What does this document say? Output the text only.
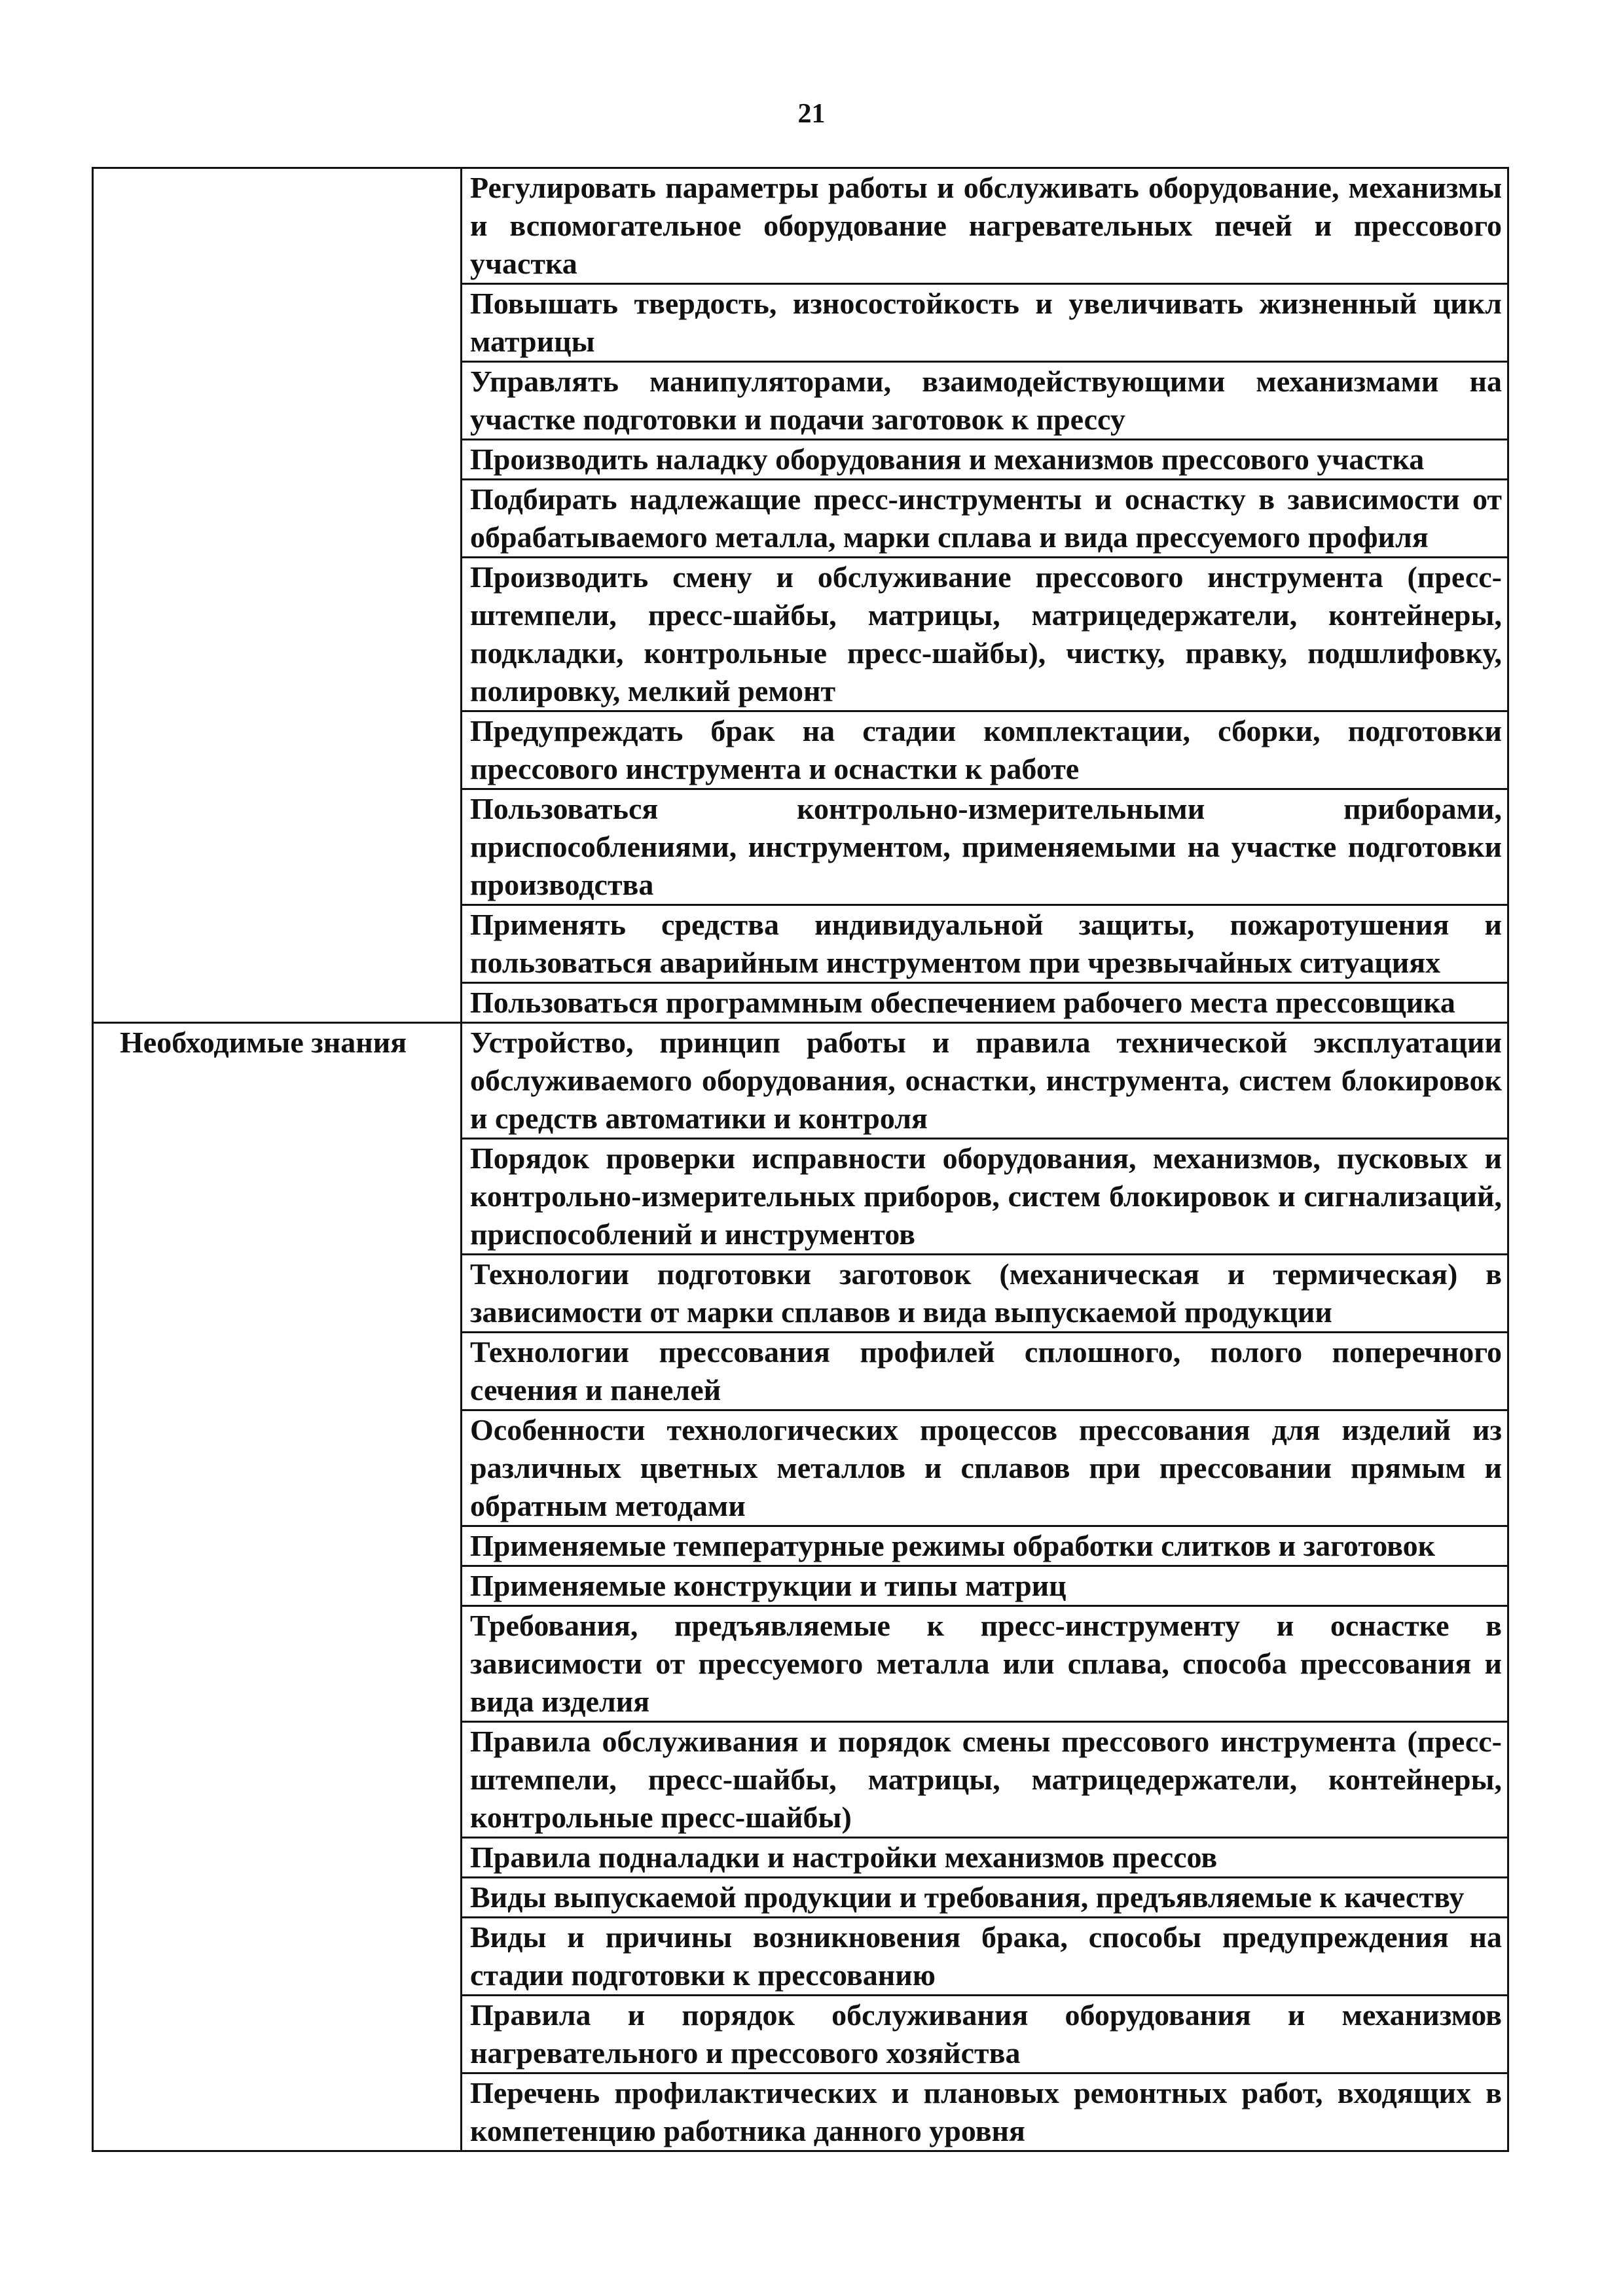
21
	Регулировать параметры работы и обслуживать оборудование, механизмы и вспомогательное оборудование нагревательных печей и прессового участка
	Повышать твердость, износостойкость и увеличивать жизненный цикл матрицы
	Управлять манипуляторами, взаимодействующими механизмами на участке подготовки и подачи заготовок к прессу
	Производить наладку оборудования и механизмов прессового участка
	Подбирать надлежащие пресс-инструменты и оснастку в зависимости от обрабатываемого металла, марки сплава и вида прессуемого профиля
	Производить смену и обслуживание прессового инструмента (пресс-штемпели, пресс-шайбы, матрицы, матрицедержатели, контейнеры, подкладки, контрольные пресс-шайбы), чистку, правку, подшлифовку, полировку, мелкий ремонт
	Предупреждать брак на стадии комплектации, сборки, подготовки прессового инструмента и оснастки к работе
	Пользоваться контрольно-измерительными приборами, приспособлениями, инструментом, применяемыми на участке подготовки производства
	Применять средства индивидуальной защиты, пожаротушения и пользоваться аварийным инструментом при чрезвычайных ситуациях
	Пользоваться программным обеспечением рабочего места прессовщика
Необходимые знания	Устройство, принцип работы и правила технической эксплуатации обслуживаемого оборудования, оснастки, инструмента, систем блокировок и средств автоматики и контроля
	Порядок проверки исправности оборудования, механизмов, пусковых и контрольно-измерительных приборов, систем блокировок и сигнализаций, приспособлений и инструментов
	Технологии подготовки заготовок (механическая и термическая) в зависимости от марки сплавов и вида выпускаемой продукции
	Технологии прессования профилей сплошного, полого поперечного сечения и панелей
	Особенности технологических процессов прессования для изделий из различных цветных металлов и сплавов при прессовании прямым и обратным методами
	Применяемые температурные режимы обработки слитков и заготовок
	Применяемые конструкции и типы матриц
	Требования, предъявляемые к пресс-инструменту и оснастке в зависимости от прессуемого металла или сплава, способа прессования и вида изделия
	Правила обслуживания и порядок смены прессового инструмента (пресс-штемпели, пресс-шайбы, матрицы, матрицедержатели, контейнеры, контрольные пресс-шайбы)
	Правила подналадки и настройки механизмов прессов
	Виды выпускаемой продукции и требования, предъявляемые к качеству
	Виды и причины возникновения брака, способы предупреждения на стадии подготовки к прессованию
	Правила и порядок обслуживания оборудования и механизмов нагревательного и прессового хозяйства
	Перечень профилактических и плановых ремонтных работ, входящих в компетенцию работника данного уровня
